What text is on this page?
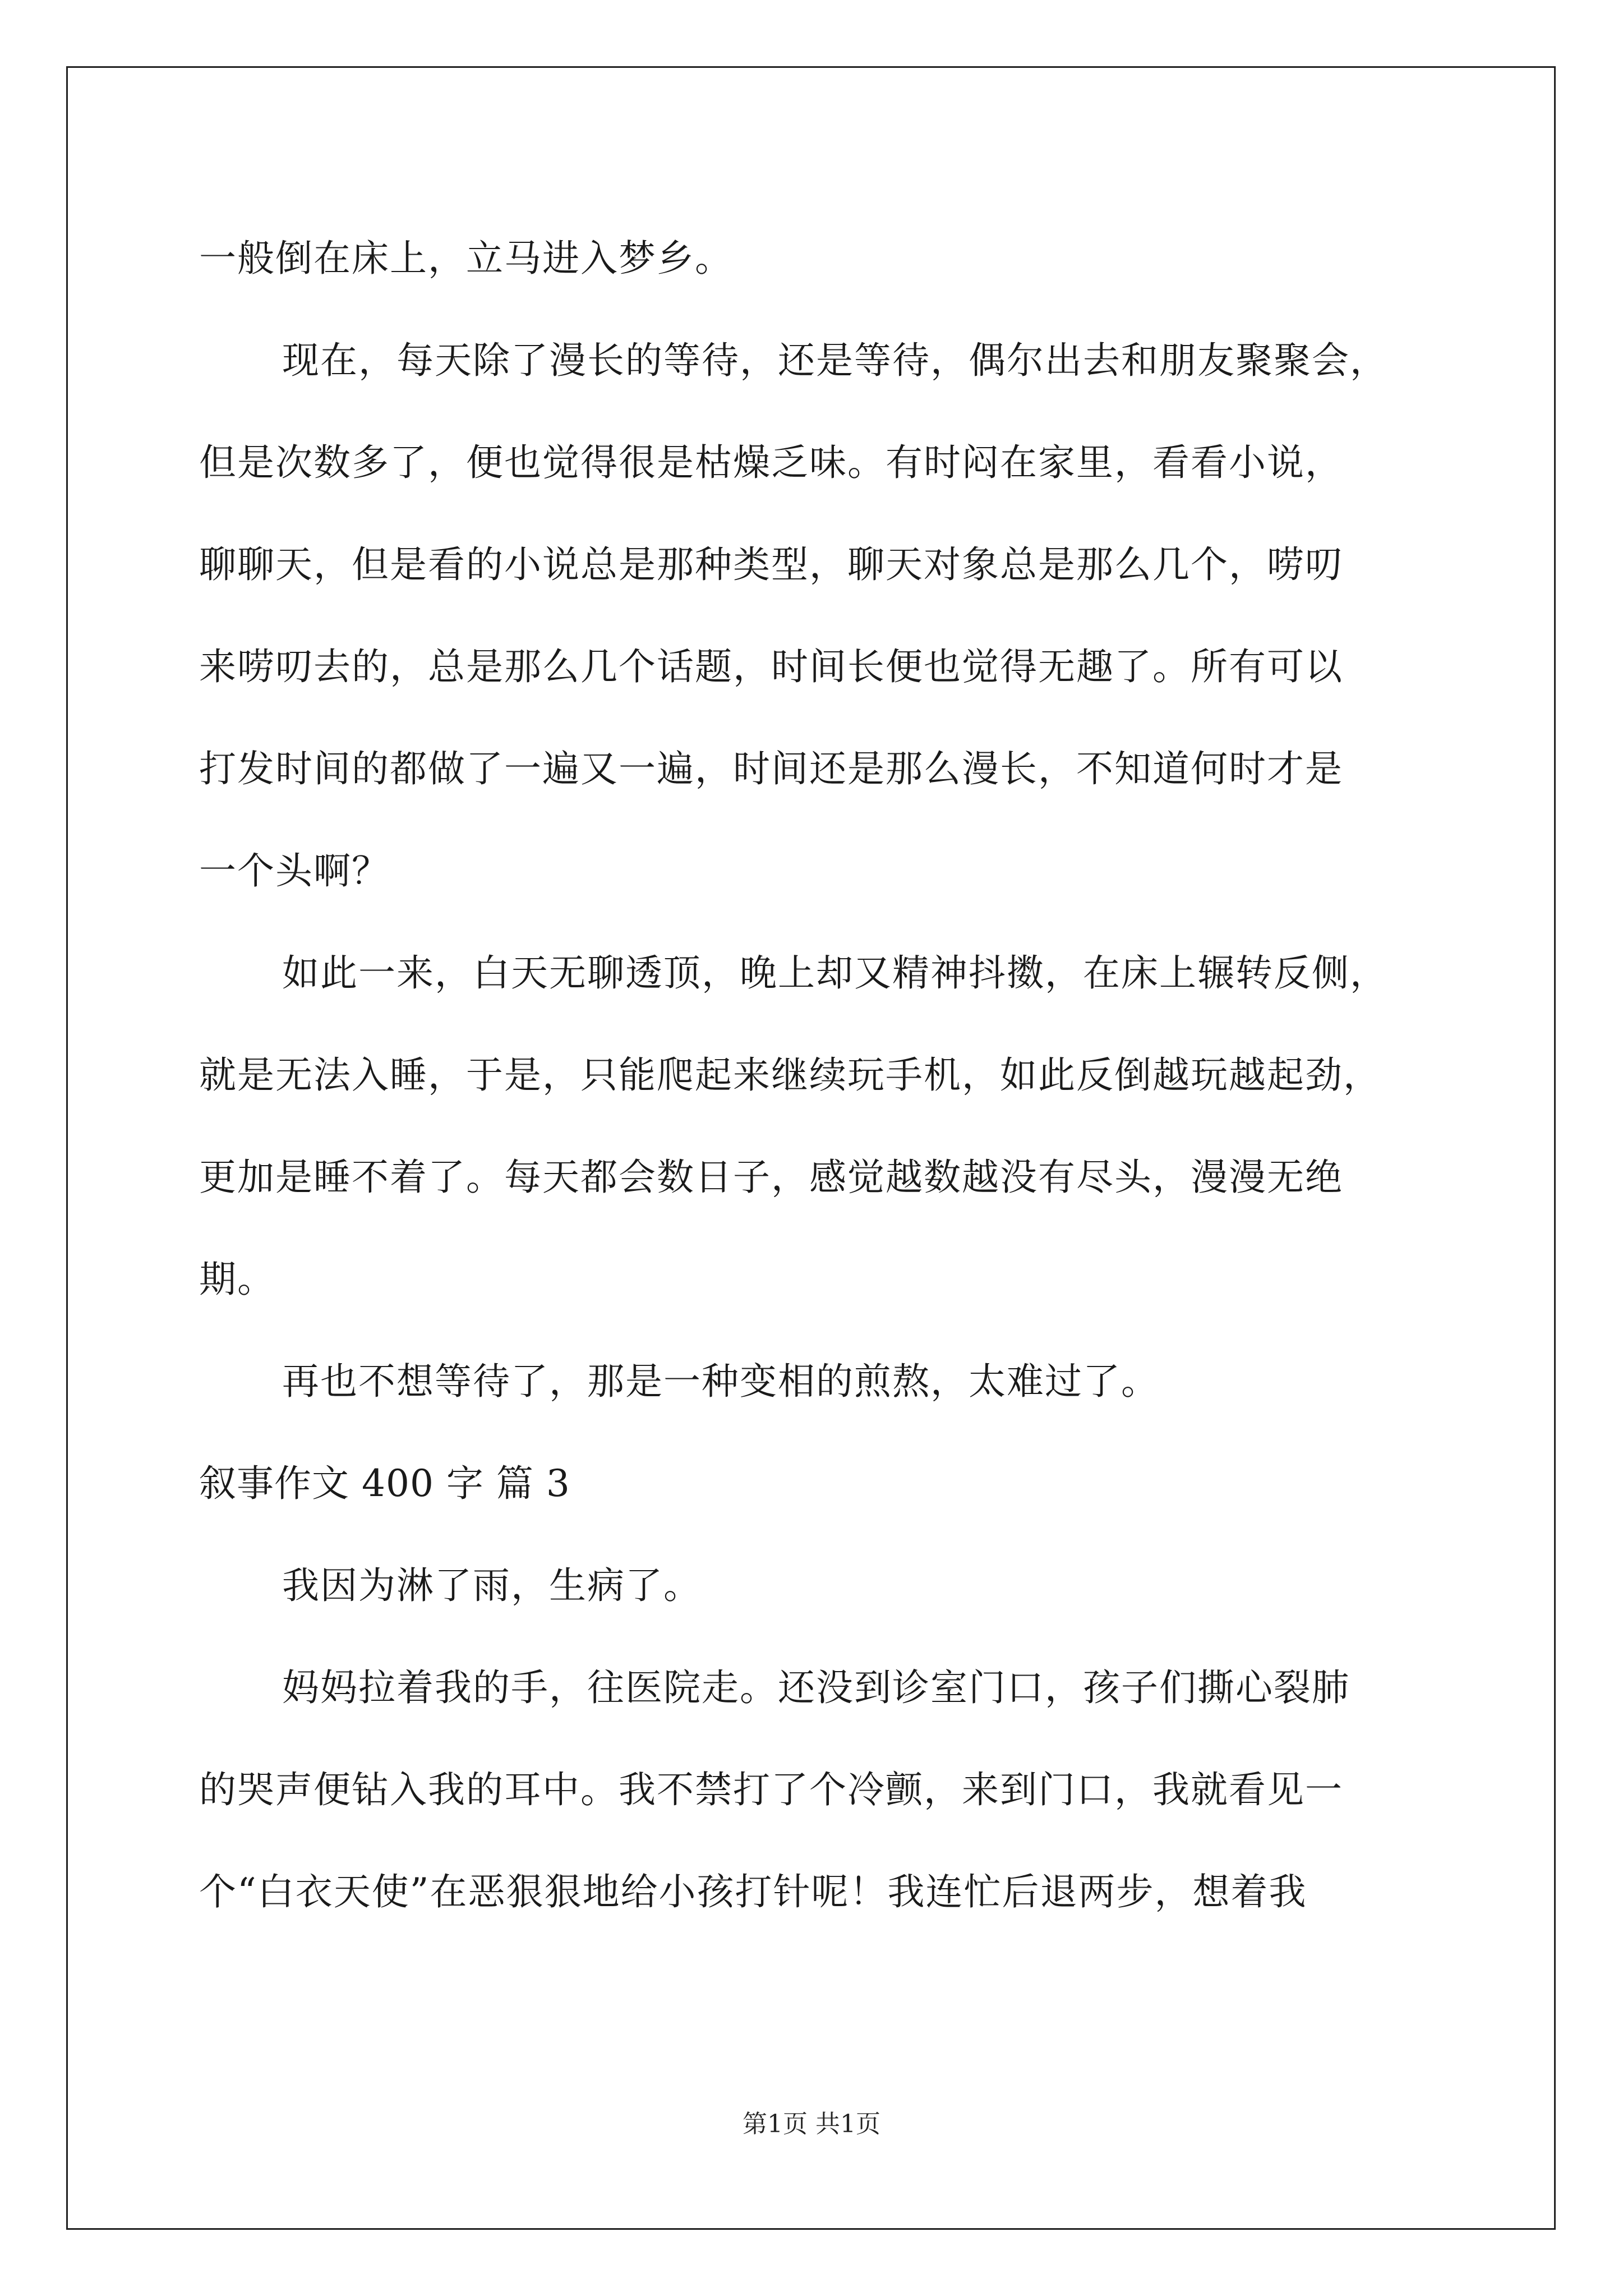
一般倒在床上，立马进入梦乡。
现在，每天除了漫长的等待，还是等待，偶尔出去和朋友聚聚会，
但是次数多了，便也觉得很是枯燥乏味。有时闷在家里，看看小说，
聊聊天，但是看的小说总是那种类型，聊天对象总是那么几个，唠叨
来唠叨去的，总是那么几个话题，时间长便也觉得无趣了。所有可以
打发时间的都做了一遍又一遍，时间还是那么漫长，不知道何时才是
一个头啊？
如此一来，白天无聊透顶，晚上却又精神抖擞，在床上辗转反侧，
就是无法入睡，于是，只能爬起来继续玩手机，如此反倒越玩越起劲，
更加是睡不着了。每天都会数日子，感觉越数越没有尽头，漫漫无绝
期。
再也不想等待了，那是一种变相的煎熬，太难过了。
叙事作文 400 字 篇 3
我因为淋了雨，生病了。
妈妈拉着我的手，往医院走。还没到诊室门口，孩子们撕心裂肺
的哭声便钻入我的耳中。我不禁打了个冷颤，来到门口，我就看见一
个“白衣天使”在恶狠狠地给小孩打针呢！我连忙后退两步，想着我
第1页 共1页
